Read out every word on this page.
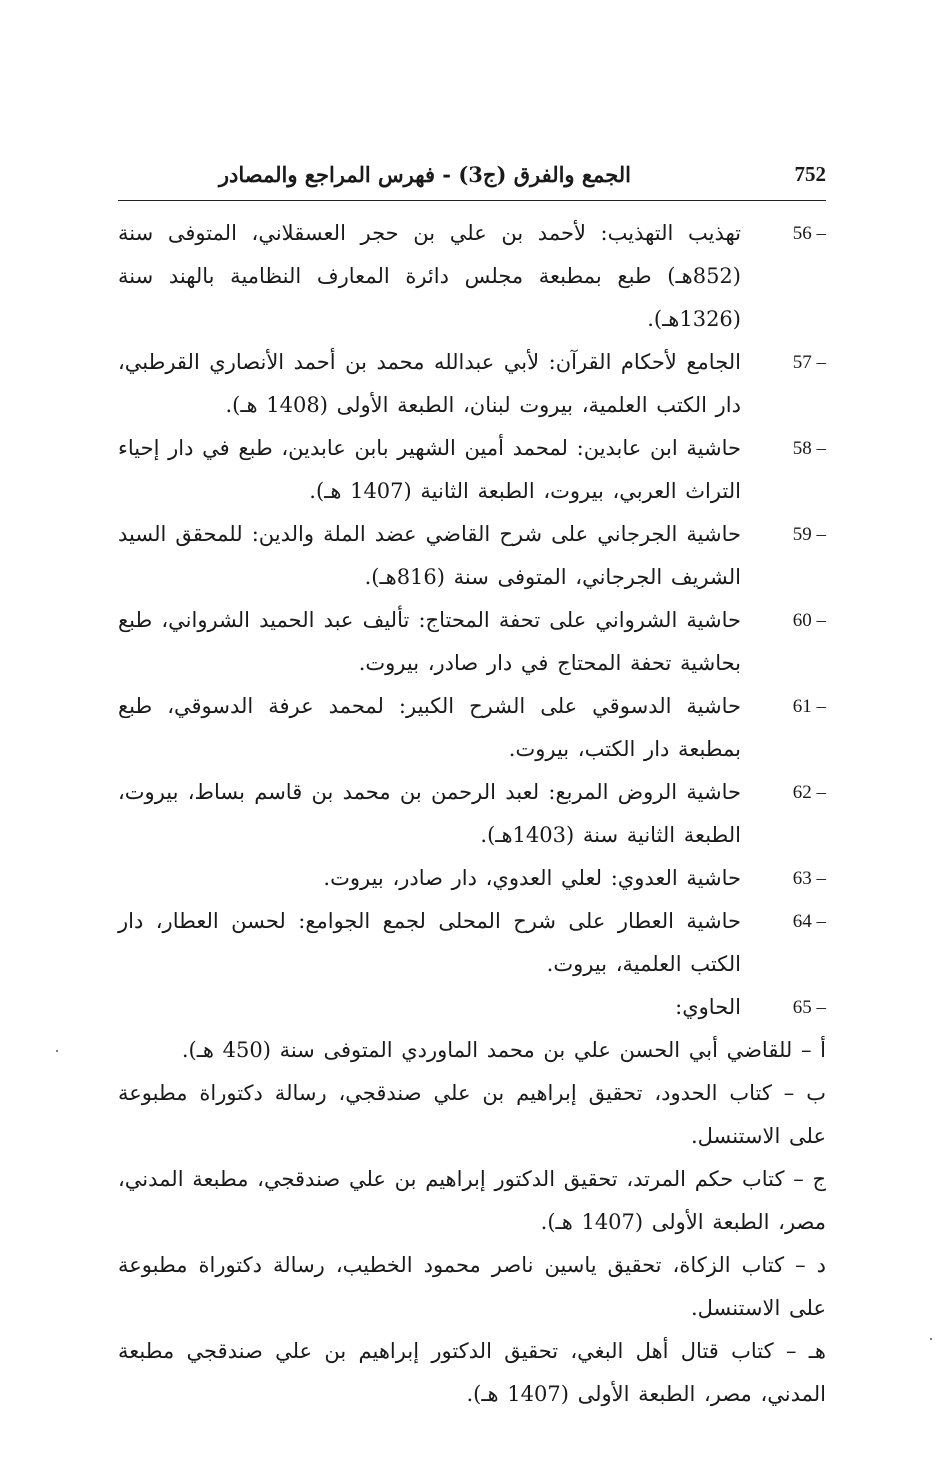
الجمع والفرق (ج3) - فهرس المراجع والمصادر	752
56 –
تهذيب التهذيب: لأحمد بن علي بن حجر العسقلاني، المتوفى سنة (852هـ) طبع بمطبعة مجلس دائرة المعارف النظامية بالهند سنة (1326هـ).
57 –
الجامع لأحكام القرآن: لأبي عبدالله محمد بن أحمد الأنصاري القرطبي، دار الكتب العلمية، بيروت لبنان، الطبعة الأولى (1408 هـ).
58 –
حاشية ابن عابدين: لمحمد أمين الشهير بابن عابدين، طبع في دار إحياء التراث العربي، بيروت، الطبعة الثانية (1407 هـ).
59 –
حاشية الجرجاني على شرح القاضي عضد الملة والدين: للمحقق السيد الشريف الجرجاني، المتوفى سنة (816هـ).
60 –
حاشية الشرواني على تحفة المحتاج: تأليف عبد الحميد الشرواني، طبع بحاشية تحفة المحتاج في دار صادر، بيروت.
61 –
حاشية الدسوقي على الشرح الكبير: لمحمد عرفة الدسوقي، طبع بمطبعة دار الكتب، بيروت.
62 –
حاشية الروض المربع: لعبد الرحمن بن محمد بن قاسم بساط، بيروت، الطبعة الثانية سنة (1403هـ).
63 –
حاشية العدوي: لعلي العدوي، دار صادر، بيروت.
64 –
حاشية العطار على شرح المحلى لجمع الجوامع: لحسن العطار، دار الكتب العلمية، بيروت.
65 –
الحاوي:
أ – للقاضي أبي الحسن علي بن محمد الماوردي المتوفى سنة (450 هـ).
ب – كتاب الحدود، تحقيق إبراهيم بن علي صندقجي، رسالة دكتوراة مطبوعة على الاستنسل.
ج – كتاب حكم المرتد، تحقيق الدكتور إبراهيم بن علي صندقجي، مطبعة المدني، مصر، الطبعة الأولى (1407 هـ).
د – كتاب الزكاة، تحقيق ياسين ناصر محمود الخطيب، رسالة دكتوراة مطبوعة على الاستنسل.
هـ – كتاب قتال أهل البغي، تحقيق الدكتور إبراهيم بن علي صندقجي مطبعة المدني، مصر، الطبعة الأولى (1407 هـ).
